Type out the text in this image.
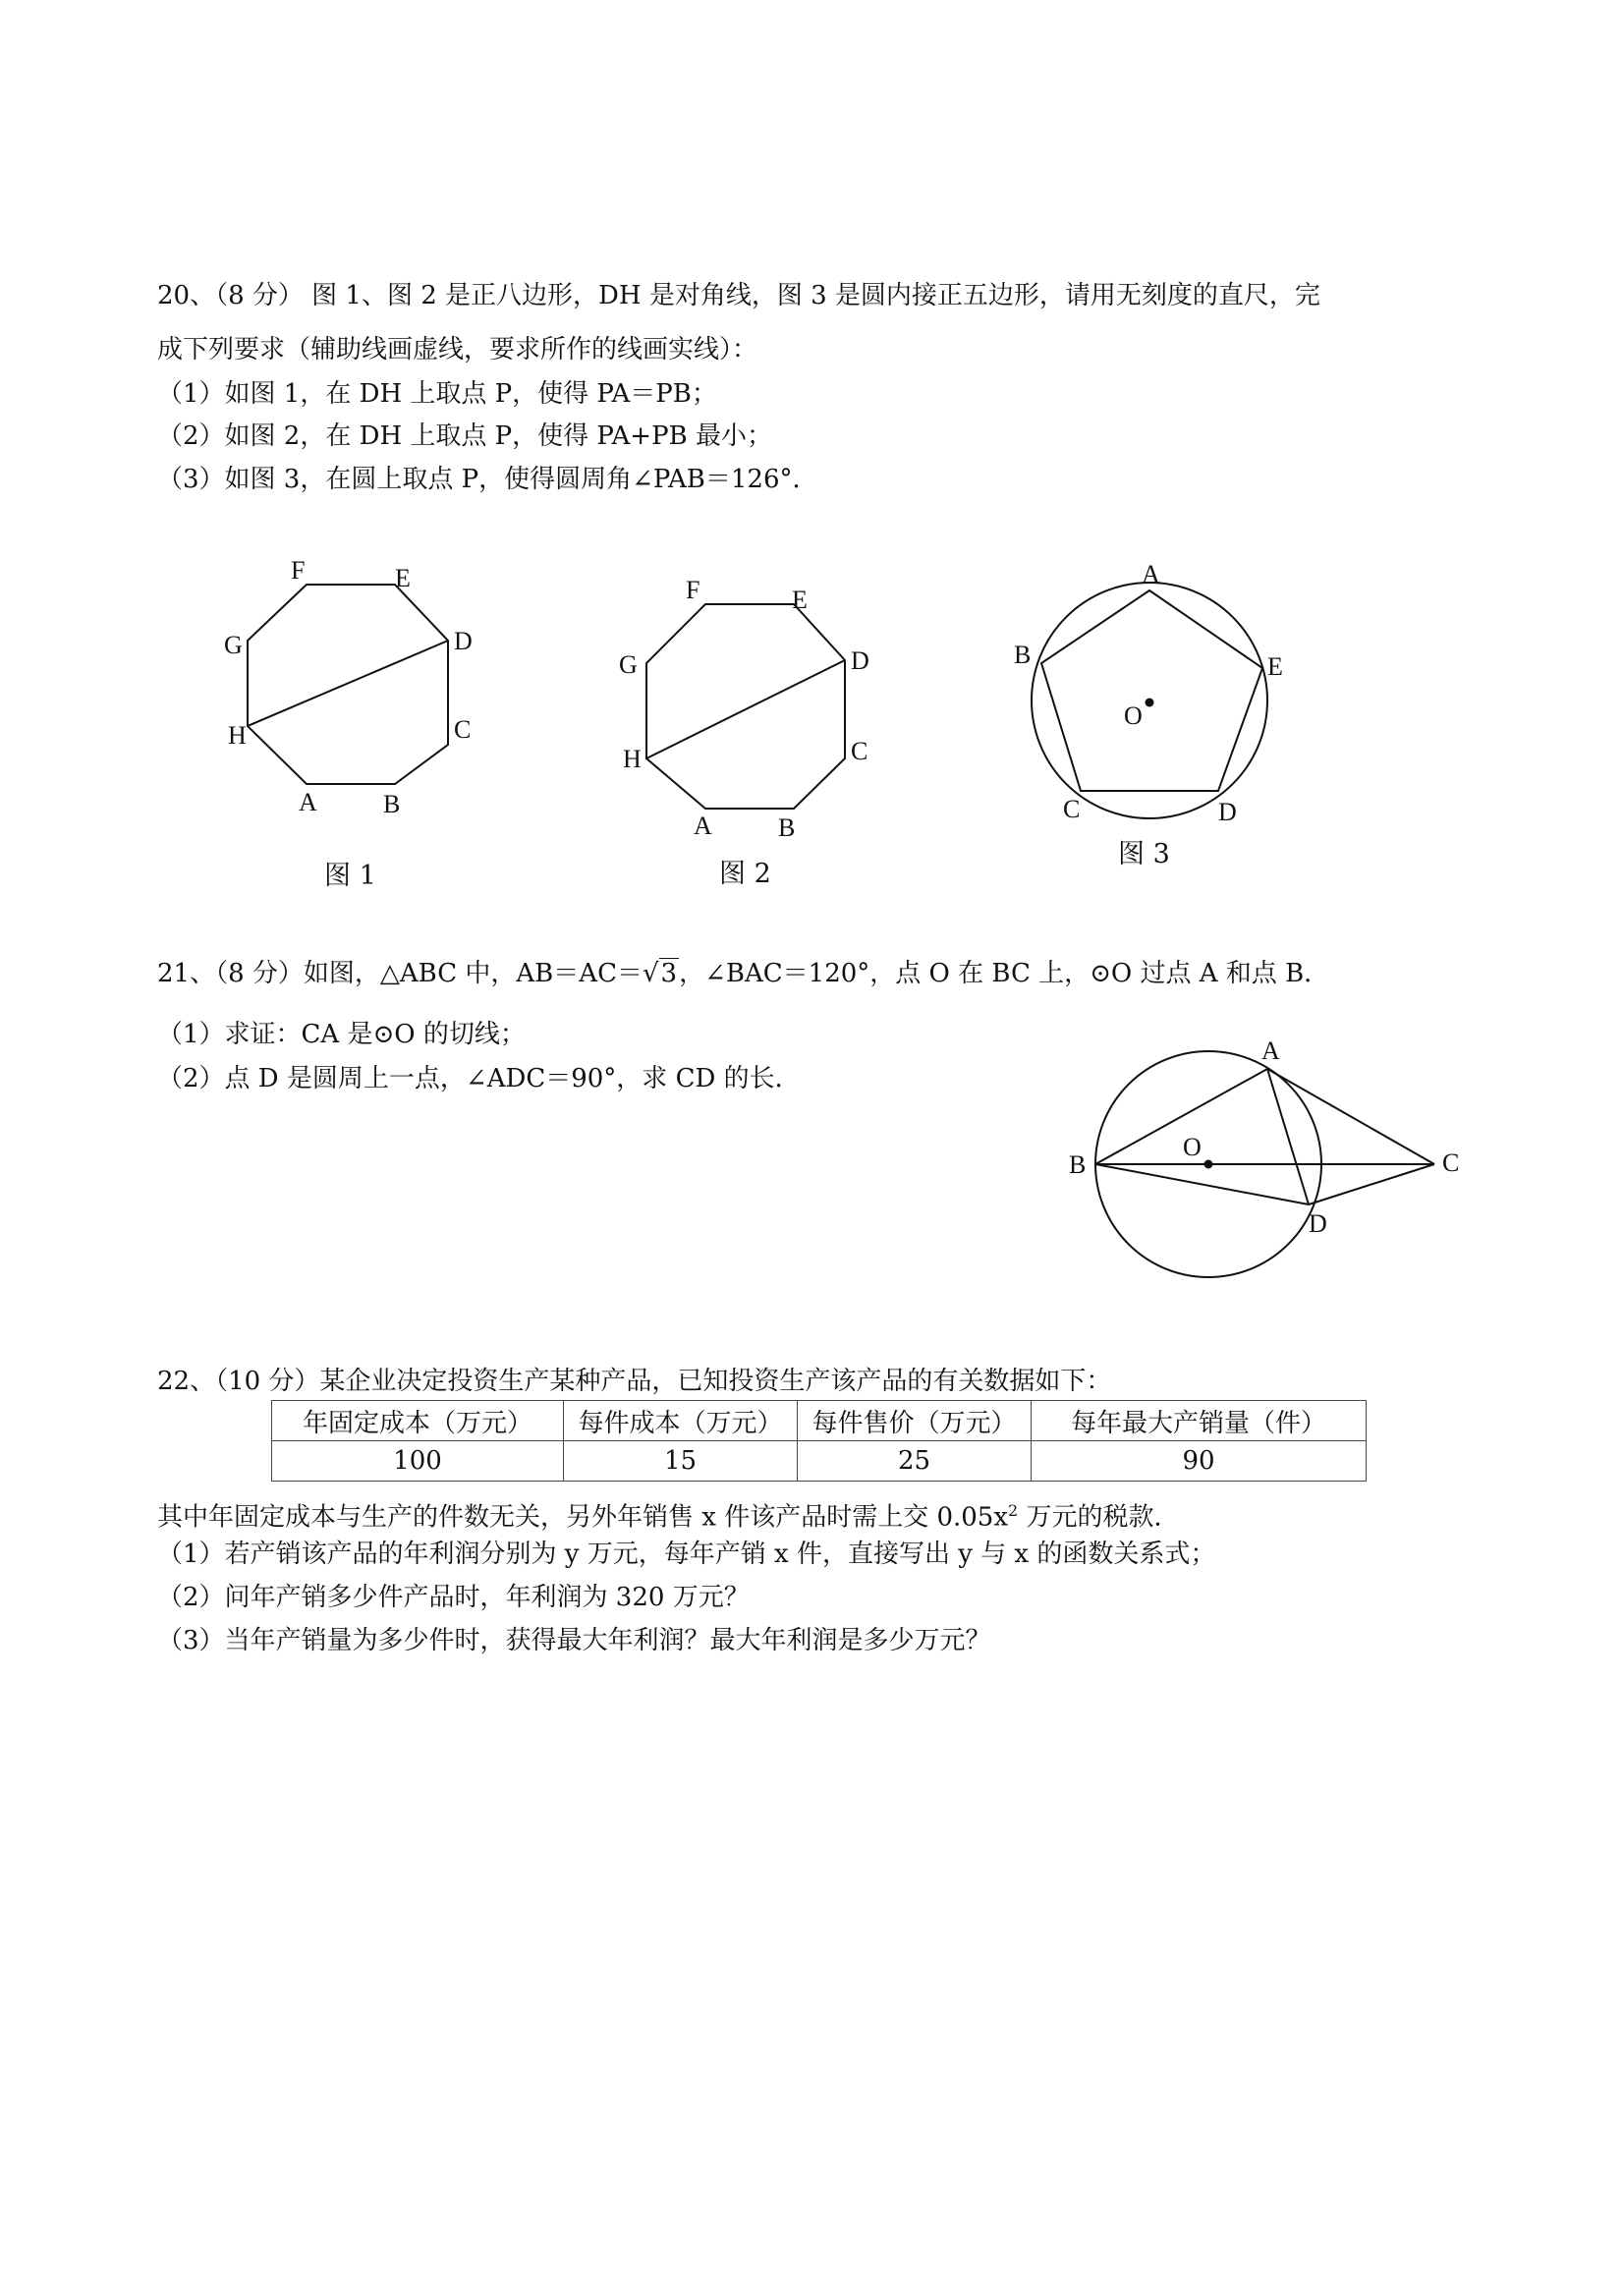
20、（8 分） 图 1、图 2 是正八边形，DH 是对角线，图 3 是圆内接正五边形，请用无刻度的直尺，完
成下列要求（辅助线画虚线，要求所作的线画实线）：
（1）如图 1，在 DH 上取点 P，使得 PA＝PB；
（2）如图 2，在 DH 上取点 P，使得 PA+PB 最小；
（3）如图 3，在圆上取点 P，使得圆周角∠PAB＝126°．
F	E
G	D
H	C
A	B
图 1
F	E
G	D
H	C
A	B
图 2
A
B	E
O
C	D
图 3
21、（8 分）如图，△ABC 中，AB＝AC＝√3，∠BAC＝120°，点 O 在 BC 上，⊙O 过点 A 和点 B．
（1）求证：CA 是⊙O 的切线；
（2）点 D 是圆周上一点，∠ADC＝90°，求 CD 的长．
A
O
B	C
D
22、（10 分）某企业决定投资生产某种产品，已知投资生产该产品的有关数据如下：
年固定成本（万元）	每件成本（万元）	每件售价（万元）	每年最大产销量（件）
100	15	25	90
其中年固定成本与生产的件数无关，另外年销售 x 件该产品时需上交 $0.05x^2$ 万元的税款．
（1）若产销该产品的年利润分别为 y 万元，每年产销 x 件，直接写出 y 与 x 的函数关系式；
（2）问年产销多少件产品时，年利润为 320 万元？
（3）当年产销量为多少件时，获得最大年利润？最大年利润是多少万元？
